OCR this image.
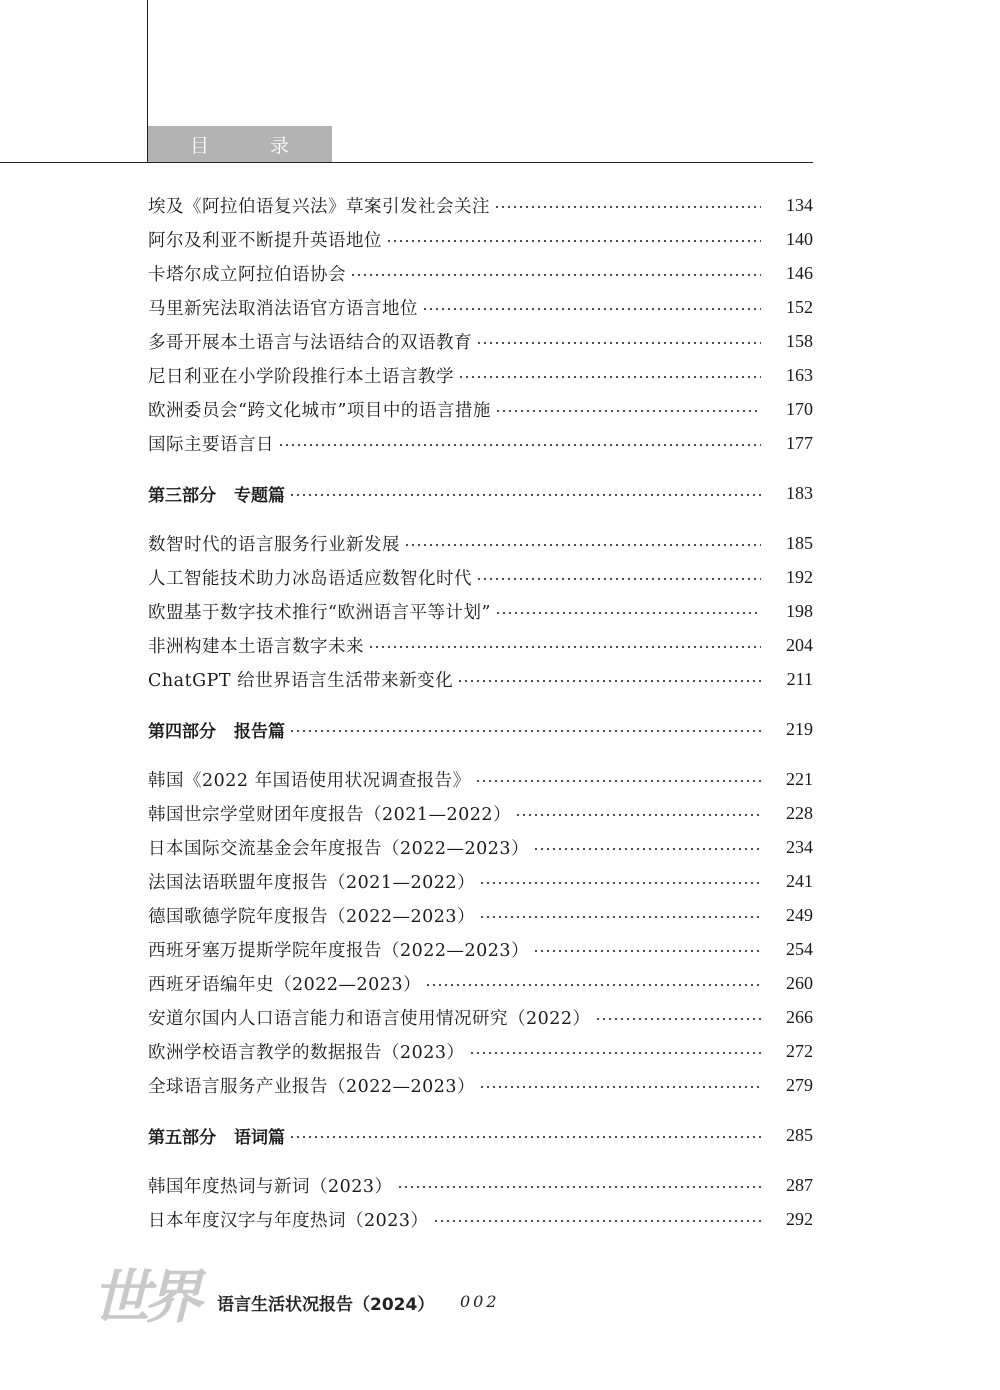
目	录
埃及《阿拉伯语复兴法》草案引发社会关注	134
阿尔及利亚不断提升英语地位	140
卡塔尔成立阿拉伯语协会	146
马里新宪法取消法语官方语言地位	152
多哥开展本土语言与法语结合的双语教育	158
尼日利亚在小学阶段推行本土语言教学	163
欧洲委员会“跨文化城市”项目中的语言措施	170
国际主要语言日	177
第三部分 专题篇	183
数智时代的语言服务行业新发展	185
人工智能技术助力冰岛语适应数智化时代	192
欧盟基于数字技术推行“欧洲语言平等计划”	198
非洲构建本土语言数字未来	204
ChatGPT 给世界语言生活带来新变化	211
第四部分 报告篇	219
韩国《2022 年国语使用状况调查报告》	221
韩国世宗学堂财团年度报告（2021—2022）	228
日本国际交流基金会年度报告（2022—2023）	234
法国法语联盟年度报告（2021—2022）	241
德国歌德学院年度报告（2022—2023）	249
西班牙塞万提斯学院年度报告（2022—2023）	254
西班牙语编年史（2022—2023）	260
安道尔国内人口语言能力和语言使用情况研究（2022）	266
欧洲学校语言教学的数据报告（2023）	272
全球语言服务产业报告（2022—2023）	279
第五部分 语词篇	285
韩国年度热词与新词（2023）	287
日本年度汉字与年度热词（2023）	292
世界 语言生活状况报告（2024） 002
